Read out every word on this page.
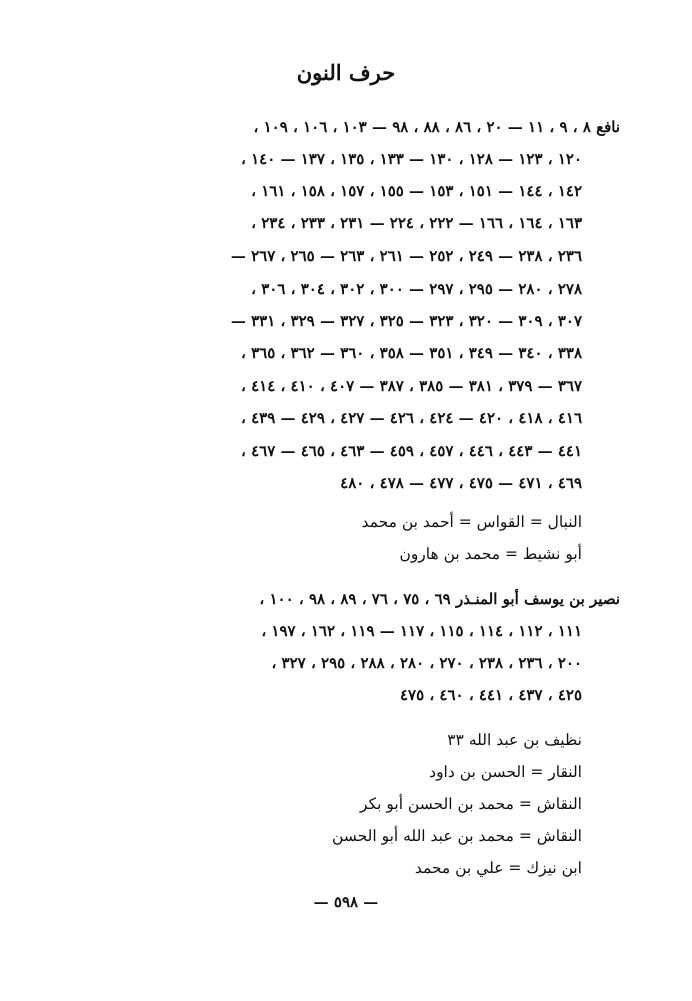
حرف النون
نافع ٨ ، ٩ ، ١١ — ٢٠ ، ٨٦ ، ٨٨ ، ٩٨ — ١٠٣ ، ١٠٦ ، ١٠٩ ،
١٢٠ ، ١٢٣ — ١٢٨ ، ١٣٠ — ١٣٣ ، ١٣٥ ، ١٣٧ — ١٤٠ ،
١٤٢ ، ١٤٤ — ١٥١ ، ١٥٣ — ١٥٥ ، ١٥٧ ، ١٥٨ ، ١٦١ ،
١٦٣ ، ١٦٤ ، ١٦٦ — ٢٢٢ ، ٢٢٤ — ٢٣١ ، ٢٣٣ ، ٢٣٤ ،
٢٣٦ ، ٢٣٨ — ٢٤٩ ، ٢٥٢ — ٢٦١ ، ٢٦٣ — ٢٦٥ ، ٢٦٧ —
٢٧٨ ، ٢٨٠ — ٢٩٥ ، ٢٩٧ — ٣٠٠ ، ٣٠٢ ، ٣٠٤ ، ٣٠٦ ،
٣٠٧ ، ٣٠٩ — ٣٢٠ ، ٣٢٣ — ٣٢٥ ، ٣٢٧ — ٣٢٩ ، ٣٣١ —
٣٣٨ ، ٣٤٠ — ٣٤٩ ، ٣٥١ — ٣٥٨ ، ٣٦٠ — ٣٦٢ ، ٣٦٥ ،
٣٦٧ — ٣٧٩ ، ٣٨١ — ٣٨٥ ، ٣٨٧ — ٤٠٧ ، ٤١٠ ، ٤١٤ ،
٤١٦ ، ٤١٨ ، ٤٢٠ — ٤٢٤ ، ٤٢٦ — ٤٢٧ ، ٤٢٩ — ٤٣٩ ،
٤٤١ — ٤٤٣ ، ٤٤٦ ، ٤٥٧ ، ٤٥٩ — ٤٦٣ ، ٤٦٥ — ٤٦٧ ،
٤٦٩ ، ٤٧١ — ٤٧٥ ، ٤٧٧ — ٤٧٨ ، ٤٨٠
النبال = القواس = أحمد بن محمد
أبو نشيط = محمد بن هارون
نصير بن يوسف أبو المنـذر ٦٩ ، ٧٥ ، ٧٦ ، ٨٩ ، ٩٨ ، ١٠٠ ،
١١١ ، ١١٢ ، ١١٤ ، ١١٥ ، ١١٧ — ١١٩ ، ١٦٢ ، ١٩٧ ،
٢٠٠ ، ٢٣٦ ، ٢٣٨ ، ٢٧٠ ، ٢٨٠ ، ٢٨٨ ، ٢٩٥ ، ٣٢٧ ،
٤٢٥ ، ٤٣٧ ، ٤٤١ ، ٤٦٠ ، ٤٧٥
نظيف بن عبد الله ٣٣
النقار = الحسن بن داود
النقاش = محمد بن الحسن أبو بكر
النقاش = محمد بن عبد الله أبو الحسن
ابن نيزك = علي بن محمد
— ٥٩٨ —
